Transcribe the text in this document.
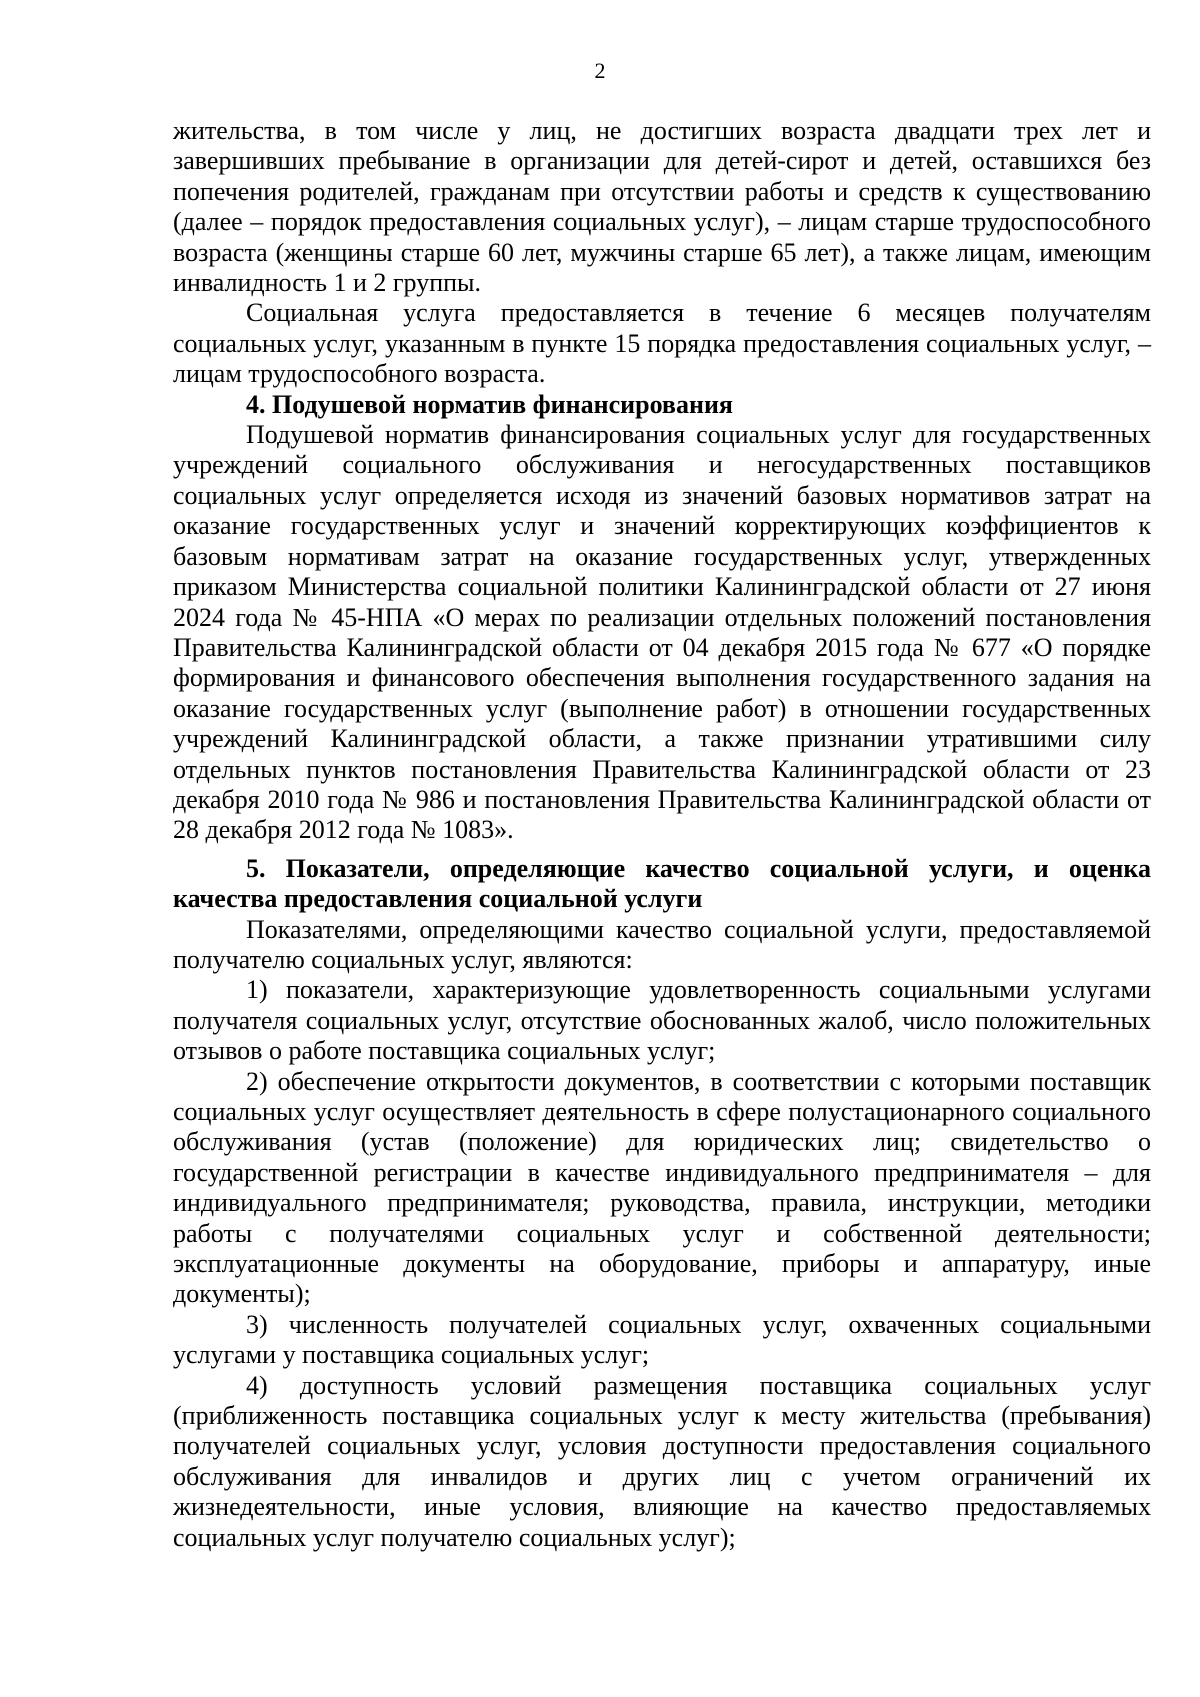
2

жительства, в том числе у лиц, не достигших возраста двадцати трех лет и завершивших пребывание в организации для детей-сирот и детей, оставшихся без попечения родителей, гражданам при отсутствии работы и средств к существованию (далее – порядок предоставления социальных услуг), – лицам старше трудоспособного возраста (женщины старше 60 лет, мужчины старше 65 лет), а также лицам, имеющим инвалидность 1 и 2 группы.

Социальная услуга предоставляется в течение 6 месяцев получателям социальных услуг, указанным в пункте 15 порядка предоставления социальных услуг, – лицам трудоспособного возраста.

4. Подушевой норматив финансирования

Подушевой норматив финансирования социальных услуг для государственных учреждений социального обслуживания и негосударственных поставщиков социальных услуг определяется исходя из значений базовых нормативов затрат на оказание государственных услуг и значений корректирующих коэффициентов к базовым нормативам затрат на оказание государственных услуг, утвержденных приказом Министерства социальной политики Калининградской области от 27 июня 2024 года № 45-НПА «О мерах по реализации отдельных положений постановления Правительства Калининградской области от 04 декабря 2015 года № 677 «О порядке формирования и финансового обеспечения выполнения государственного задания на оказание государственных услуг (выполнение работ) в отношении государственных учреждений Калининградской области, а также признании утратившими силу отдельных пунктов постановления Правительства Калининградской области от 23 декабря 2010 года № 986 и постановления Правительства Калининградской области от 28 декабря 2012 года № 1083».

5. Показатели, определяющие качество социальной услуги, и оценка качества предоставления социальной услуги

Показателями, определяющими качество социальной услуги, предоставляемой получателю социальных услуг, являются:

1) показатели, характеризующие удовлетворенность социальными услугами получателя социальных услуг, отсутствие обоснованных жалоб, число положительных отзывов о работе поставщика социальных услуг;

2) обеспечение открытости документов, в соответствии с которыми поставщик социальных услуг осуществляет деятельность в сфере полустационарного социального обслуживания (устав (положение) для юридических лиц; свидетельство о государственной регистрации в качестве индивидуального предпринимателя – для индивидуального предпринимателя; руководства, правила, инструкции, методики работы с получателями социальных услуг и собственной деятельности; эксплуатационные документы на оборудование, приборы и аппаратуру, иные документы);

3) численность получателей социальных услуг, охваченных социальными услугами у поставщика социальных услуг;

4) доступность условий размещения поставщика социальных услуг (приближенность поставщика социальных услуг к месту жительства (пребывания) получателей социальных услуг, условия доступности предоставления социального обслуживания для инвалидов и других лиц с учетом ограничений их жизнедеятельности, иные условия, влияющие на качество предоставляемых социальных услуг получателю социальных услуг);
